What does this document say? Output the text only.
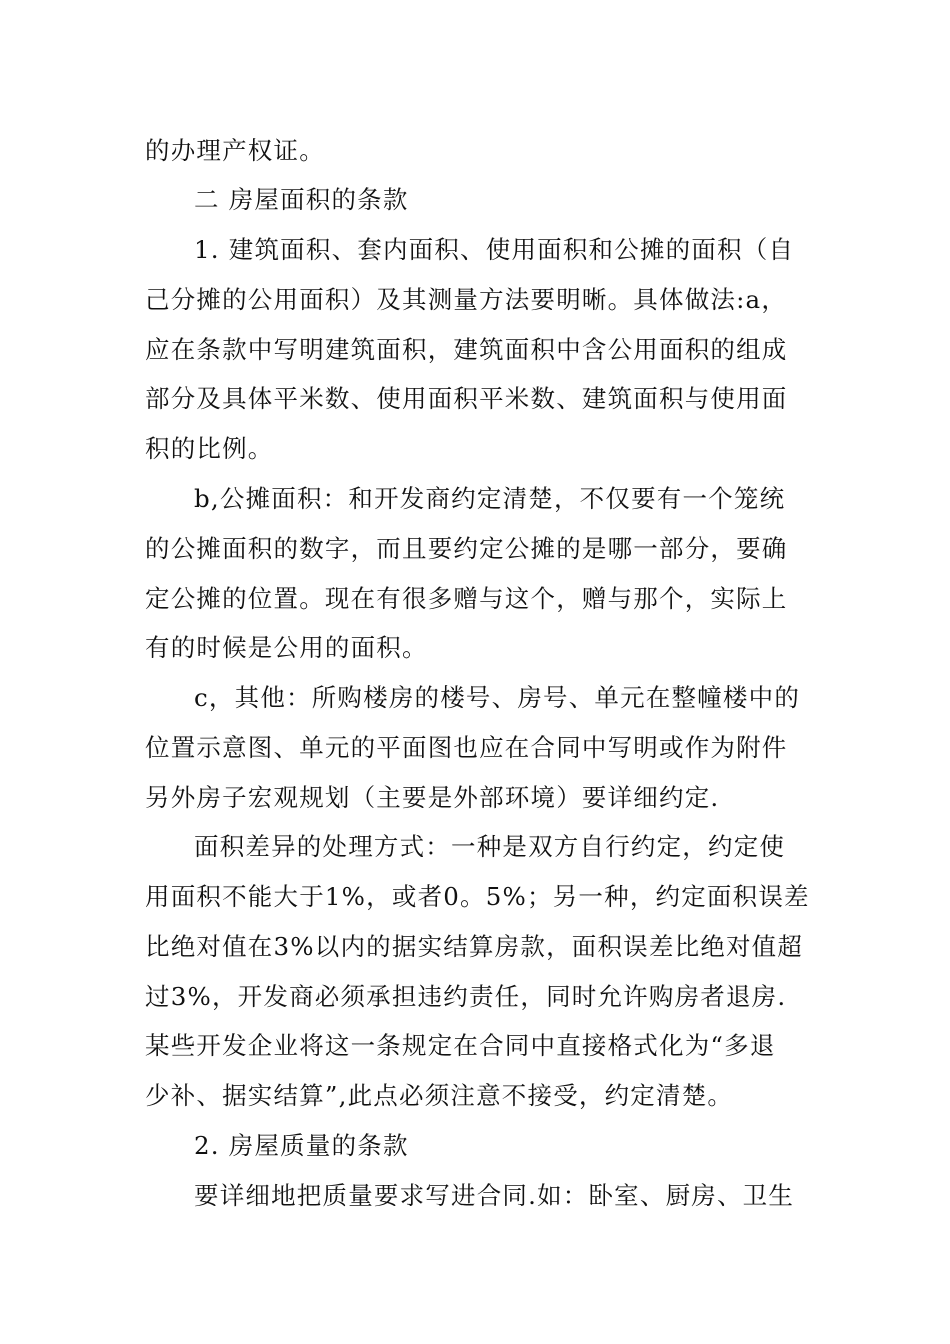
的办理产权证。
二 房屋面积的条款
1. 建筑面积、套内面积、使用面积和公摊的面积（自
己分摊的公用面积）及其测量方法要明晰。具体做法:a，
应在条款中写明建筑面积，建筑面积中含公用面积的组成
部分及具体平米数、使用面积平米数、建筑面积与使用面
积的比例。
b,公摊面积：和开发商约定清楚，不仅要有一个笼统
的公摊面积的数字，而且要约定公摊的是哪一部分，要确
定公摊的位置。现在有很多赠与这个，赠与那个，实际上
有的时候是公用的面积。
c，其他：所购楼房的楼号、房号、单元在整幢楼中的
位置示意图、单元的平面图也应在合同中写明或作为附件
另外房子宏观规划（主要是外部环境）要详细约定.
面积差异的处理方式：一种是双方自行约定，约定使
用面积不能大于1%，或者0。5%；另一种，约定面积误差
比绝对值在3%以内的据实结算房款，面积误差比绝对值超
过3%，开发商必须承担违约责任，同时允许购房者退房.
某些开发企业将这一条规定在合同中直接格式化为“多退
少补、据实结算”,此点必须注意不接受，约定清楚。
2. 房屋质量的条款
要详细地把质量要求写进合同.如：卧室、厨房、卫生
